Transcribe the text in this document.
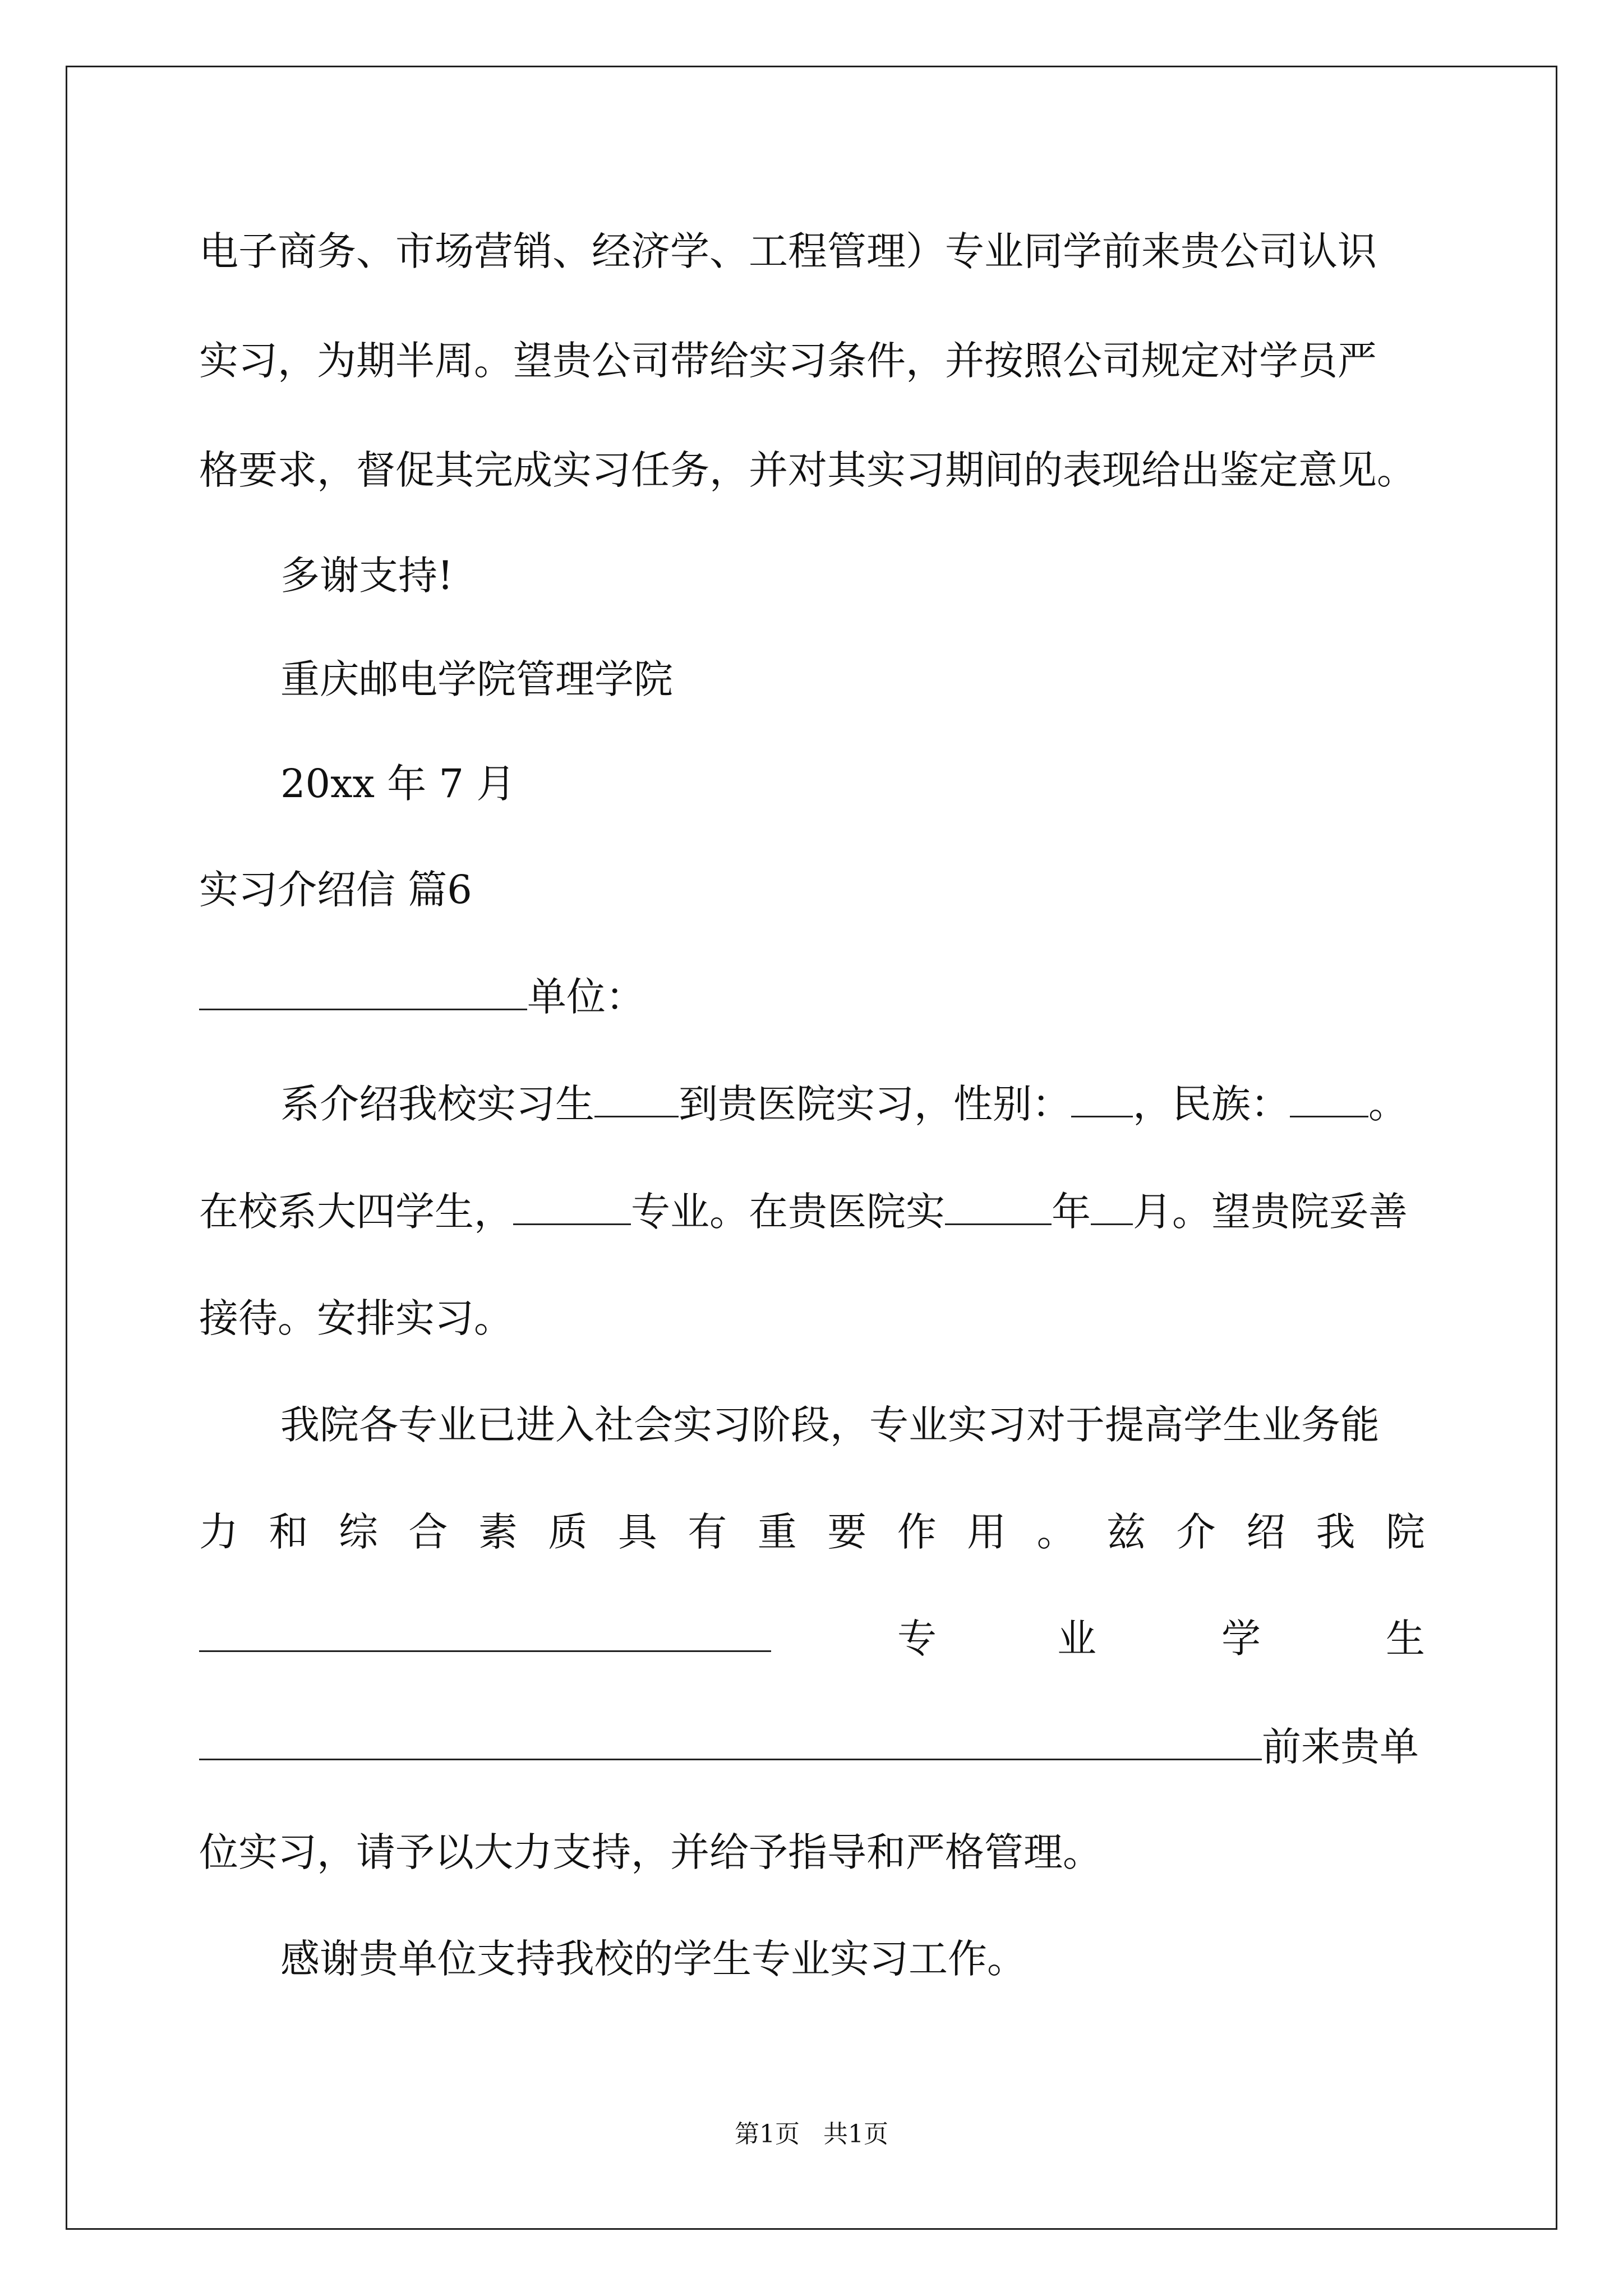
电子商务、市场营销、经济学、工程管理）专业同学前来贵公司认识
实习，为期半周。望贵公司带给实习条件，并按照公司规定对学员严
格要求，督促其完成实习任务，并对其实习期间的表现给出鉴定意见。
多谢支持!
重庆邮电学院管理学院
20xx 年 7 月
实习介绍信 篇6
单位：
系介绍我校实习生 到贵医院实习，性别： ，民族： 。
在校系大四学生，	专业。在贵医院实	年 月。望贵院妥善
接待。安排实习。
我院各专业已进入社会实习阶段，专业实习对于提高学生业务能
力 和 综 合 素 质 具 有 重 要 作 用 。 兹 介 绍 我 院
专	业	学	生
前来贵单
位实习，请予以大力支持，并给予指导和严格管理。
感谢贵单位支持我校的学生专业实习工作。
第1页   共1页
